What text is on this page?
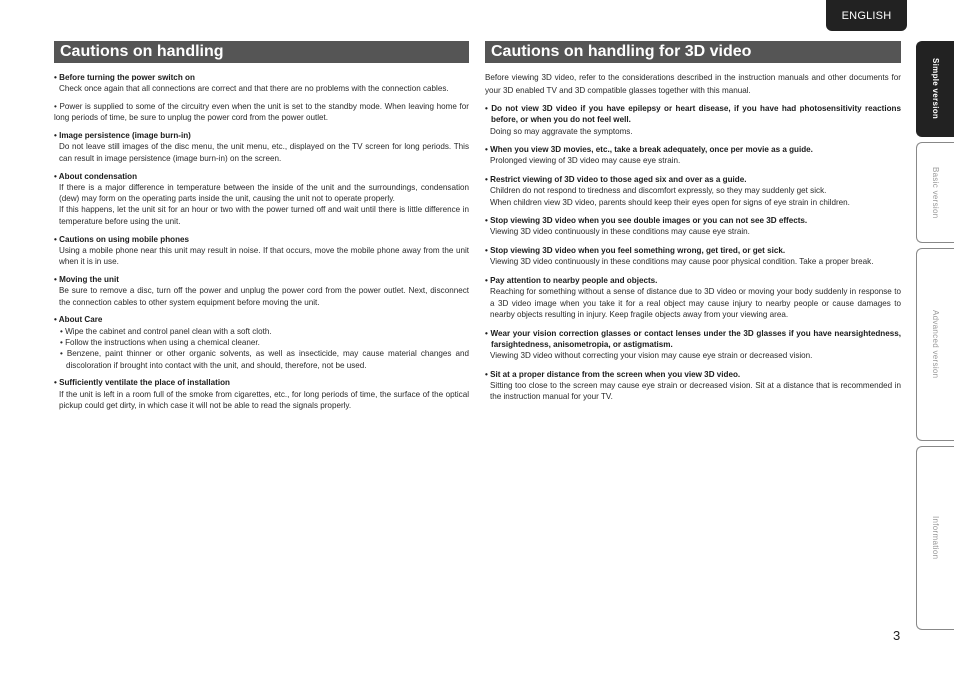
ENGLISH
Cautions on handling
• Before turning the power switch on
Check once again that all connections are correct and that there are no problems with the connection cables.
• Power is supplied to some of the circuitry even when the unit is set to the standby mode. When leaving home for long periods of time, be sure to unplug the power cord from the power outlet.
• Image persistence (image burn-in)
Do not leave still images of the disc menu, the unit menu, etc., displayed on the TV screen for long periods. This can result in image persistence (image burn-in) on the screen.
• About condensation
If there is a major difference in temperature between the inside of the unit and the surroundings, condensation (dew) may form on the operating parts inside the unit, causing the unit not to operate properly.
If this happens, let the unit sit for an hour or two with the power turned off and wait until there is little difference in temperature before using the unit.
• Cautions on using mobile phones
Using a mobile phone near this unit may result in noise. If that occurs, move the mobile phone away from the unit when it is in use.
• Moving the unit
Be sure to remove a disc, turn off the power and unplug the power cord from the power outlet. Next, disconnect the connection cables to other system equipment before moving the unit.
• About Care
• Wipe the cabinet and control panel clean with a soft cloth.
• Follow the instructions when using a chemical cleaner.
• Benzene, paint thinner or other organic solvents, as well as insecticide, may cause material changes and discoloration if brought into contact with the unit, and should, therefore, not be used.
• Sufficiently ventilate the place of installation
If the unit is left in a room full of the smoke from cigarettes, etc., for long periods of time, the surface of the optical pickup could get dirty, in which case it will not be able to read the signals properly.
Cautions on handling for 3D video
Before viewing 3D video, refer to the considerations described in the instruction manuals and other documents for your 3D enabled TV and 3D compatible glasses together with this manual.
• Do not view 3D video if you have epilepsy or heart disease, if you have had photosensitivity reactions before, or when you do not feel well.
Doing so may aggravate the symptoms.
• When you view 3D movies, etc., take a break adequately, once per movie as a guide.
Prolonged viewing of 3D video may cause eye strain.
• Restrict viewing of 3D video to those aged six and over as a guide.
Children do not respond to tiredness and discomfort expressly, so they may suddenly get sick.
When children view 3D video, parents should keep their eyes open for signs of eye strain in children.
• Stop viewing 3D video when you see double images or you can not see 3D effects.
Viewing 3D video continuously in these conditions may cause eye strain.
• Stop viewing 3D video when you feel something wrong, get tired, or get sick.
Viewing 3D video continuously in these conditions may cause poor physical condition. Take a proper break.
• Pay attention to nearby people and objects.
Reaching for something without a sense of distance due to 3D video or moving your body suddenly in response to a 3D video image when you take it for a real object may cause injury to nearby people or cause damages to nearby objects resulting in injury. Keep fragile objects away from your viewing area.
• Wear your vision correction glasses or contact lenses under the 3D glasses if you have nearsightedness, farsightedness, anisometropia, or astigmatism.
Viewing 3D video without correcting your vision may cause eye strain or decreased vision.
• Sit at a proper distance from the screen when you view 3D video.
Sitting too close to the screen may cause eye strain or decreased vision. Sit at a distance that is recommended in the instruction manual for your TV.
Simple version
Basic version
Advanced version
Information
3
